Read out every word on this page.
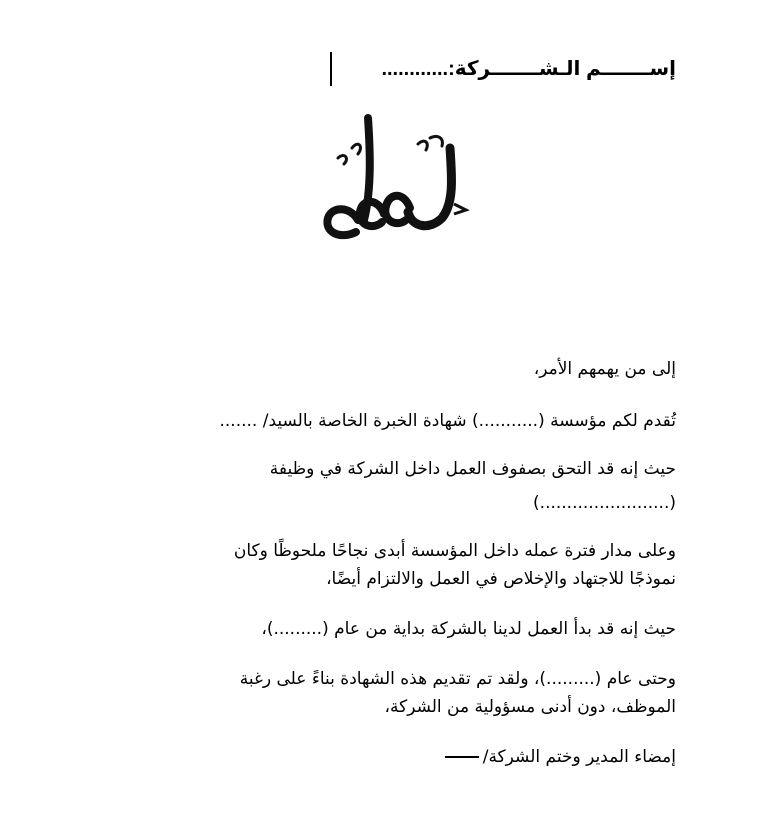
إســـــــم الـشـــــــركة:............

إلى من يهمهم الأمر،

تُقدم لكم مؤسسة (...........) شهادة الخبرة الخاصة بالسيد/ .......

حيث إنه قد التحق بصفوف العمل داخل الشركة في وظيفة

(........................)

وعلى مدار فترة عمله داخل المؤسسة أبدى نجاحًا ملحوظًا وكان

نموذجًا للاجتهاد والإخلاص في العمل والالتزام أيضًا،

حيث إنه قد بدأ العمل لدينا بالشركة بداية من عام (.........)،

وحتى عام (.........)، ولقد تم تقديم هذه الشهادة بناءً على رغبة

الموظف، دون أدنى مسؤولية من الشركة،

إمضاء المدير وختم الشركة/
